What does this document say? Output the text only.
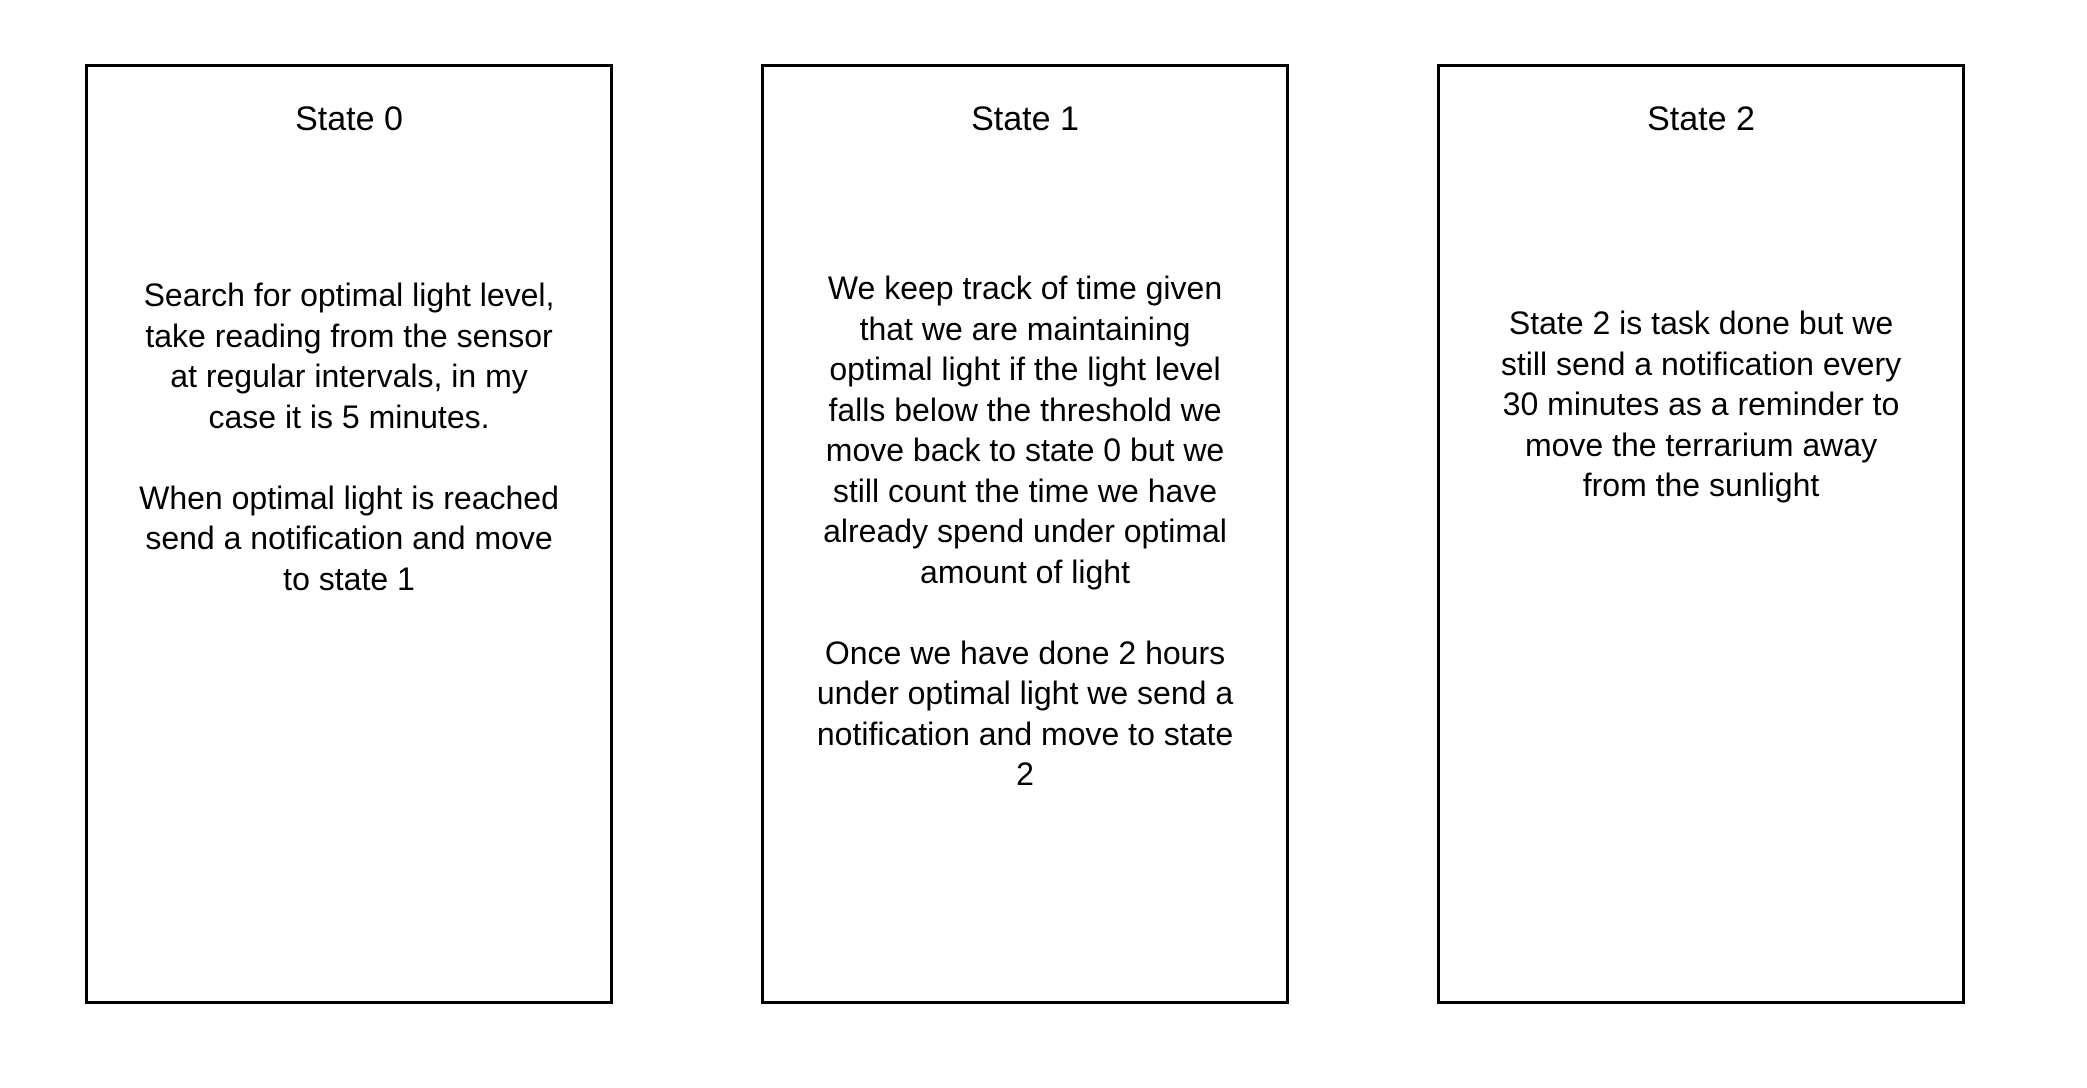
State 0

Search for optimal light level, take reading from the sensor at regular intervals, in my case it is 5 minutes.

When optimal light is reached send a notification and move to state 1

State 1

We keep track of time given that we are maintaining optimal light if the light level falls below the threshold we move back to state 0 but we still count the time we have already spend under optimal amount of light

Once we have done 2 hours under optimal light we send a notification and move to state 2

State 2

State 2 is task done but we still send a notification every 30 minutes as a reminder to move the terrarium away from the sunlight
